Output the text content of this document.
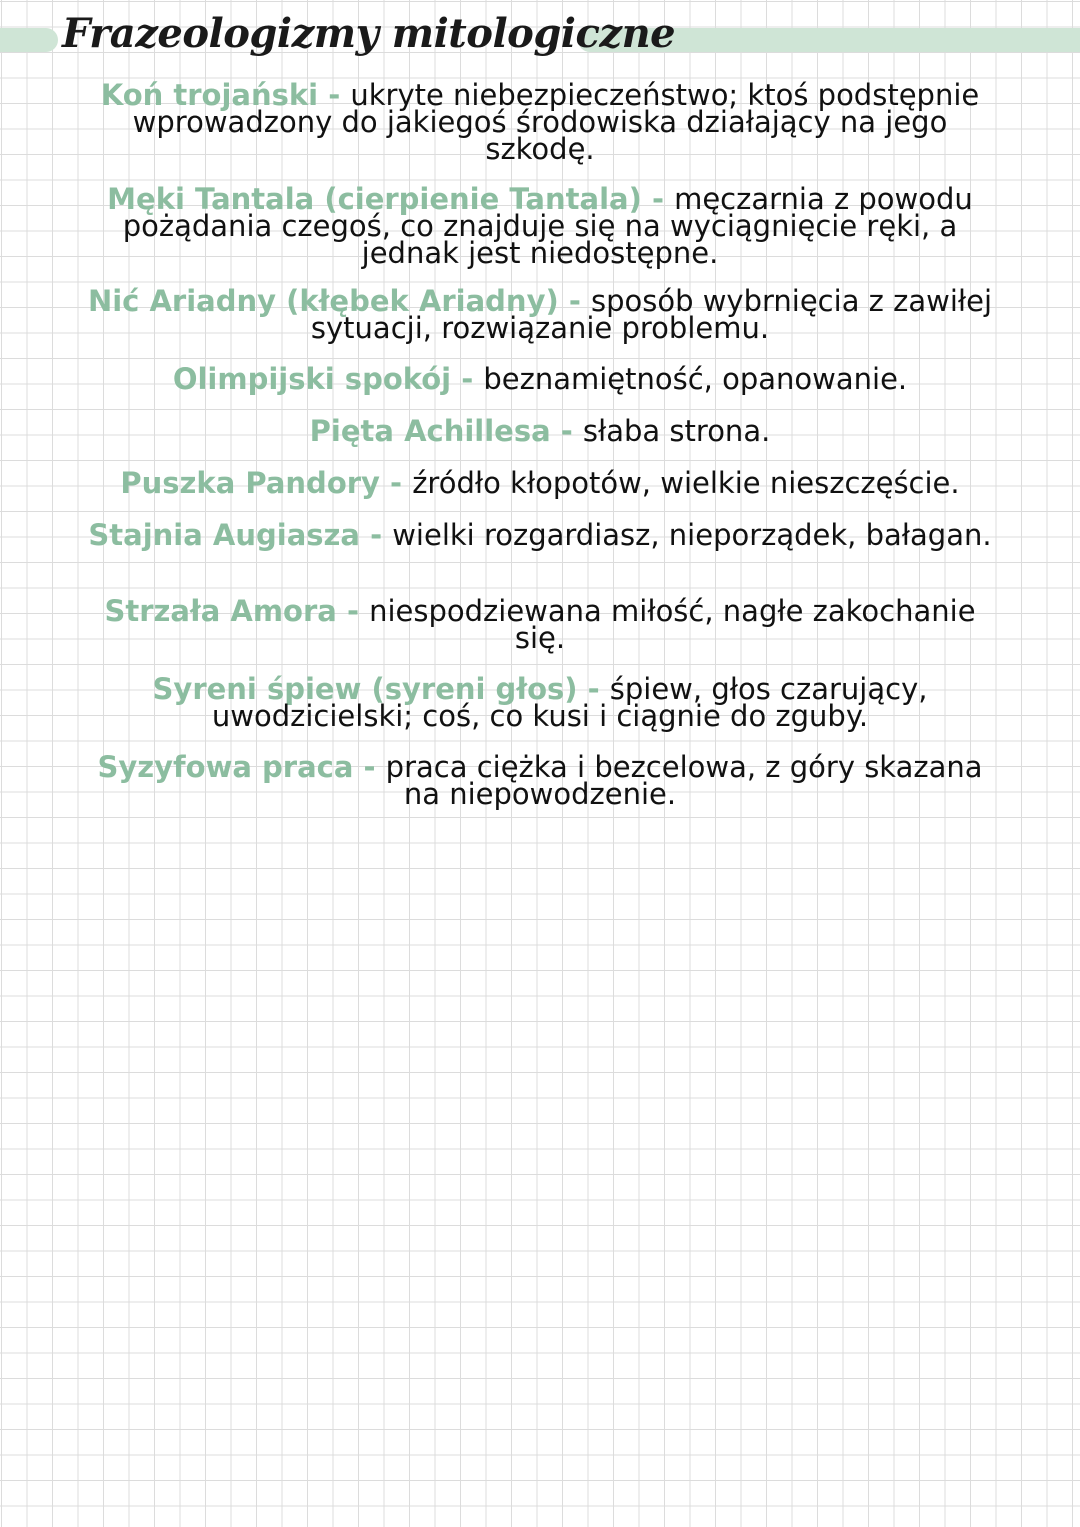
Frazeologizmy mitologiczne
Koń trojański - ukryte niebezpieczeństwo; ktoś podstępnie wprowadzony do jakiegoś środowiska działający na jego szkodę.
Męki Tantala (cierpienie Tantala) - męczarnia z powodu pożądania czegoś, co znajduje się na wyciągnięcie ręki, a jednak jest niedostępne.
Nić Ariadny (kłębek Ariadny) - sposób wybrnięcia z zawiłej sytuacji, rozwiązanie problemu.
Olimpijski spokój - beznamiętność, opanowanie.
Pięta Achillesa - słaba strona.
Puszka Pandory - źródło kłopotów, wielkie nieszczęście.
Stajnia Augiasza - wielki rozgardiasz, nieporządek, bałagan.
Strzała Amora - niespodziewana miłość, nagłe zakochanie się.
Syreni śpiew (syreni głos) - śpiew, głos czarujący, uwodzicielski; coś, co kusi i ciągnie do zguby.
Syzyfowa praca - praca ciężka i bezcelowa, z góry skazana na niepowodzenie.
